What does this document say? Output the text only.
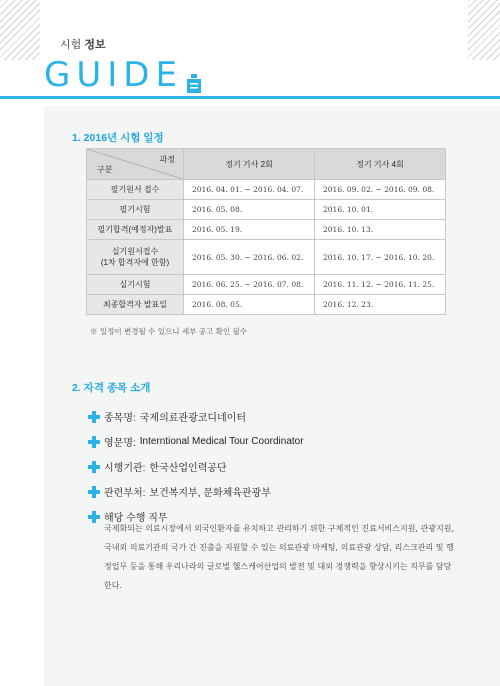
시험 정보
GUIDE
1. 2016년 시험 일정
과정
구분	정기 기사 2회	정기 기사 4회
필기원서 접수	2016. 04. 01. ~ 2016. 04. 07.	2016. 09. 02. ~ 2016. 09. 08.
필기시험	2016. 05. 08.	2016. 10. 01.
필기합격(예정자)발표	2016. 05. 19.	2016. 10. 13.

실기원서접수
(1차 합격자에 한함)	2016. 05. 30. ~ 2016. 06. 02.	2016. 10. 17. ~ 2016. 10. 20.
실기시험	2016. 06. 25. ~ 2016. 07. 08.	2016. 11. 12. ~ 2016. 11. 25.
최종합격자 발표일	2016. 08. 05.	2016. 12. 23.
※ 일정이 변경될 수 있으니 세부 공고 확인 필수
2. 자격 종목 소개
종목명: 국제의료관광코디네이터
영문명: Interntional Medical Tour Coordinator
시행기관: 한국산업인력공단
관련부처: 보건복지부, 문화체육관광부
해당 수행 직무
국제화되는 의료시장에서 외국인환자를 유치하고 관리하기 위한 구체적인 진료서비스지원, 관광지원, 국내외 의료기관의 국가 간 진출을 지원할 수 있는 의료관광 마케팅, 의료관광 상담, 리스크관리 및 행정업무 등을 통해 우리나라의 글로벌 헬스케어산업의 발전 및 대외 경쟁력을 향상시키는 직무를 담당한다.
